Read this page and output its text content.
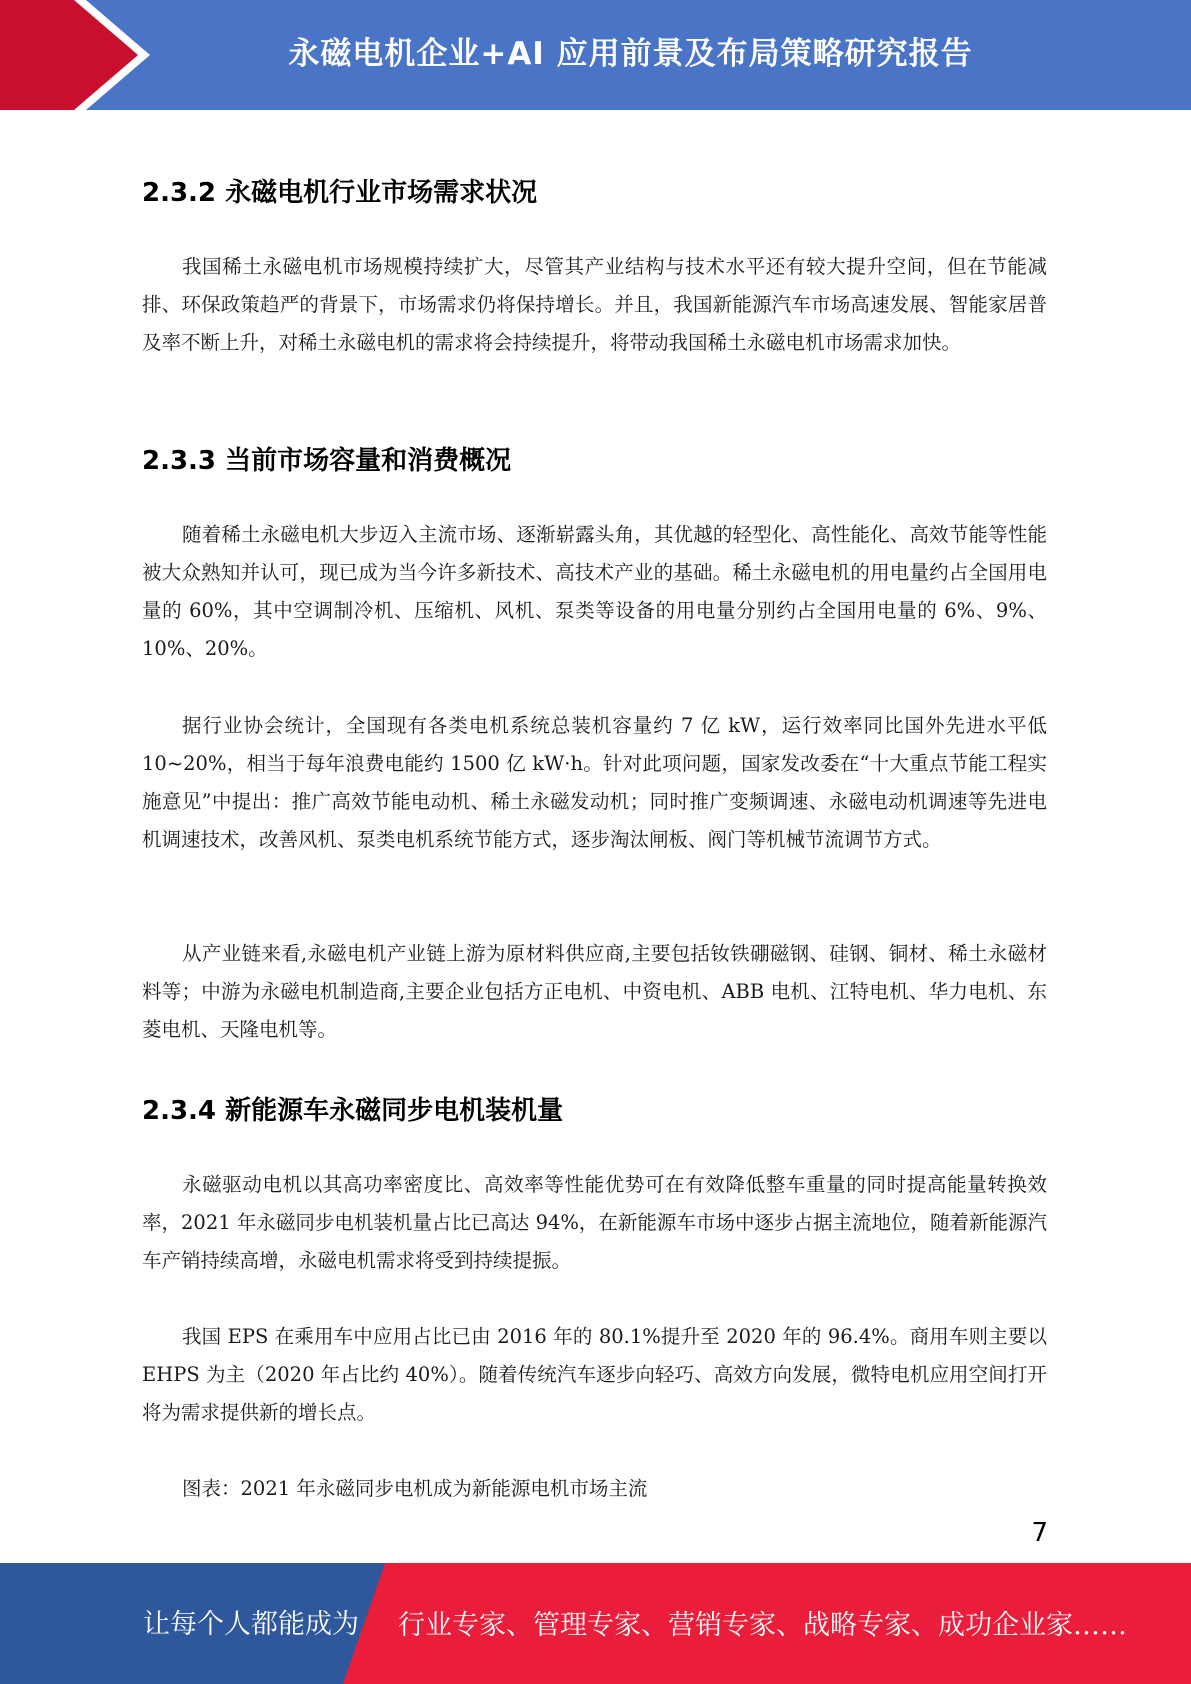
永磁电机企业+AI 应用前景及布局策略研究报告
2.3.2 永磁电机行业市场需求状况

我国稀土永磁电机市场规模持续扩大，尽管其产业结构与技术水平还有较大提升空间，但在节能减排、环保政策趋严的背景下，市场需求仍将保持增长。并且，我国新能源汽车市场高速发展、智能家居普及率不断上升，对稀土永磁电机的需求将会持续提升，将带动我国稀土永磁电机市场需求加快。

2.3.3 当前市场容量和消费概况

随着稀土永磁电机大步迈入主流市场、逐渐崭露头角，其优越的轻型化、高性能化、高效节能等性能被大众熟知并认可，现已成为当今许多新技术、高技术产业的基础。稀土永磁电机的用电量约占全国用电量的 60%，其中空调制冷机、压缩机、风机、泵类等设备的用电量分别约占全国用电量的 6%、9%、10%、20%。

据行业协会统计，全国现有各类电机系统总装机容量约 7 亿 kW，运行效率同比国外先进水平低 10~20%，相当于每年浪费电能约 1500 亿 kW·h。针对此项问题，国家发改委在“十大重点节能工程实施意见”中提出：推广高效节能电动机、稀土永磁发动机；同时推广变频调速、永磁电动机调速等先进电机调速技术，改善风机、泵类电机系统节能方式，逐步淘汰闸板、阀门等机械节流调节方式。

从产业链来看,永磁电机产业链上游为原材料供应商,主要包括钕铁硼磁钢、硅钢、铜材、稀土永磁材料等；中游为永磁电机制造商,主要企业包括方正电机、中资电机、ABB 电机、江特电机、华力电机、东菱电机、天隆电机等。

2.3.4 新能源车永磁同步电机装机量

永磁驱动电机以其高功率密度比、高效率等性能优势可在有效降低整车重量的同时提高能量转换效率，2021 年永磁同步电机装机量占比已高达 94%，在新能源车市场中逐步占据主流地位，随着新能源汽车产销持续高增，永磁电机需求将受到持续提振。

我国 EPS 在乘用车中应用占比已由 2016 年的 80.1%提升至 2020 年的 96.4%。商用车则主要以 EHPS 为主（2020 年占比约 40%）。随着传统汽车逐步向轻巧、高效方向发展，微特电机应用空间打开将为需求提供新的增长点。

图表：2021 年永磁同步电机成为新能源电机市场主流

7
让每个人都能成为 行业专家、管理专家、营销专家、战略专家、成功企业家……
